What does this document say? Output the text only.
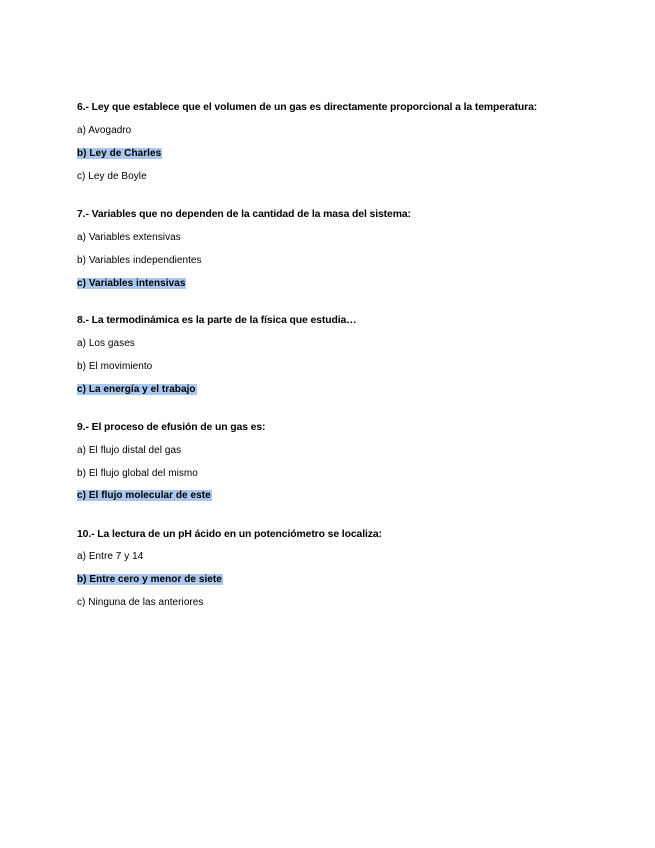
6.- Ley que establece que el volumen de un gas es directamente proporcional a la temperatura:
a) Avogadro
b) Ley de Charles
c) Ley de Boyle
7.- Variables que no dependen de la cantidad de la masa del sistema:
a) Variables extensivas
b) Variables independientes
c) Variables intensivas
8.- La termodinámica es la parte de la física que estudia…
a) Los gases
b) El movimiento
c) La energía y el trabajo
9.- El proceso de efusión de un gas es:
a) El flujo distal del gas
b) El flujo global del mismo
c) El flujo molecular de este
10.- La lectura de un pH ácido en un potenciómetro se localiza:
a) Entre 7 y 14
b) Entre cero y menor de siete
c) Ninguna de las anteriores
